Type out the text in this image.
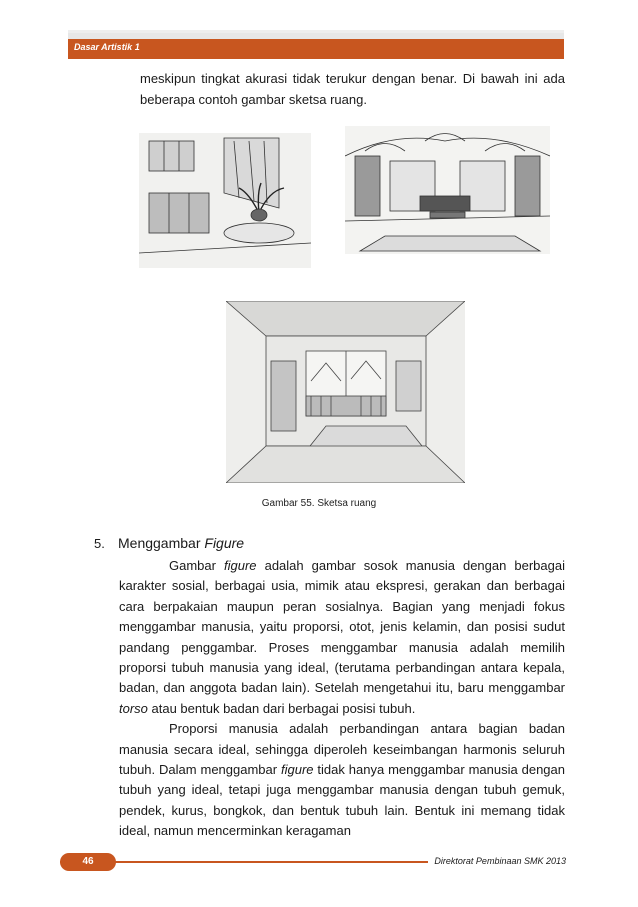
Dasar Artistik 1
meskipun tingkat akurasi tidak terukur dengan benar. Di bawah ini ada beberapa contoh gambar sketsa ruang.
Gambar 55. Sketsa ruang
5. Menggambar Figure

Gambar figure adalah gambar sosok manusia dengan berbagai karakter sosial, berbagai usia, mimik atau ekspresi, gerakan dan berbagai cara berpakaian maupun peran sosialnya. Bagian yang menjadi fokus menggambar manusia, yaitu proporsi, otot, jenis kelamin, dan posisi sudut pandang penggambar. Proses menggambar manusia adalah memilih proporsi tubuh manusia yang ideal, (terutama perbandingan antara kepala, badan, dan anggota badan lain). Setelah mengetahui itu, baru menggambar torso atau bentuk badan dari berbagai posisi tubuh.

Proporsi manusia adalah perbandingan antara bagian badan manusia secara ideal, sehingga diperoleh keseimbangan harmonis seluruh tubuh. Dalam menggambar figure tidak hanya menggambar manusia dengan tubuh yang ideal, tetapi juga menggambar manusia dengan tubuh gemuk, pendek, kurus, bongkok, dan bentuk tubuh lain. Bentuk ini memang tidak ideal, namun mencerminkan keragaman

46	Direktorat Pembinaan SMK 2013
